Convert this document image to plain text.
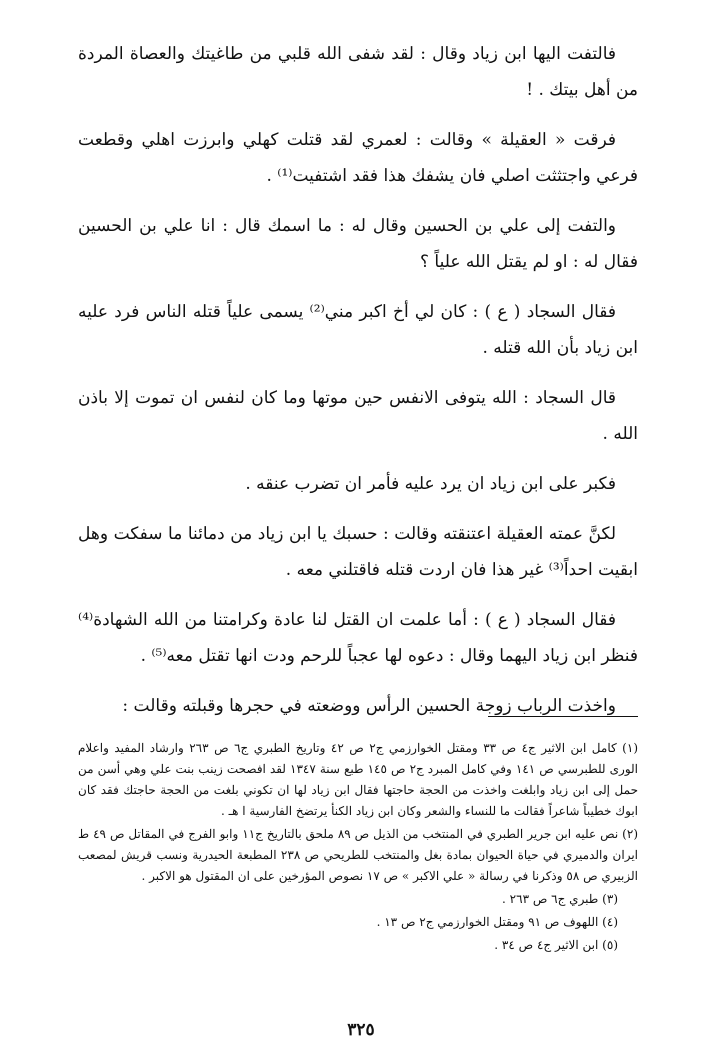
فالتفت اليها ابن زياد وقال : لقد شفى الله قلبي من طاغيتك والعصاة المردة من أهل بيتك . !

فرقت « العقيلة » وقالت : لعمري لقد قتلت كهلي وابرزت اهلي وقطعت فرعي واجتثثت اصلي فان يشفك هذا فقد اشتفيت⁽¹⁾ .

والتفت إلى علي بن الحسين وقال له : ما اسمك قال : انا علي بن الحسين فقال له : او لم يقتل الله علياً ؟

فقال السجاد ( ع ) : كان لي أخ اكبر مني⁽²⁾ يسمى علياً قتله الناس فرد عليه ابن زياد بأن الله قتله .

قال السجاد : الله يتوفى الانفس حين موتها وما كان لنفس ان تموت إلا باذن الله .

فكبر على ابن زياد ان يرد عليه فأمر ان تضرب عنقه .

لكنَّ عمته العقيلة اعتنقته وقالت : حسبك يا ابن زياد من دمائنا ما سفكت وهل ابقيت احداً⁽³⁾ غير هذا فان اردت قتله فاقتلني معه .

فقال السجاد ( ع ) : أما علمت ان القتل لنا عادة وكرامتنا من الله الشهادة⁽⁴⁾ فنظر ابن زياد اليهما وقال : دعوه لها عجباً للرحم ودت انها تقتل معه⁽⁵⁾ .

واخذت الرباب زوجة الحسين الرأس ووضعته في حجرها وقبلته وقالت :

(١) كامل ابن الاثير ج٤ ص ٣٣ ومقتل الخوارزمي ج٢ ص ٤٢ وتاريخ الطبري ج٦ ص ٢٦٣ وارشاد المفيد واعلام الورى للطبرسي ص ١٤١ وفي كامل المبرد ج٢ ص ١٤٥ طبع سنة ١٣٤٧ لقد افصحت زينب بنت علي وهي أسن من حمل إلى ابن زياد وابلغت واخذت من الحجة حاجتها فقال ابن زياد لها ان تكوني بلغت من الحجة حاجتك فقد كان ابوك خطيباً شاعراً فقالت ما للنساء والشعر وكان ابن زياد الكنأ يرتضخ الفارسية ا هـ .

(٢) نص عليه ابن جرير الطبري في المنتخب من الذيل ص ٨٩ ملحق بالتاريخ ج١١ وابو الفرج في المقاتل ص ٤٩ ط ايران والدميري في حياة الحيوان بمادة بغل والمنتخب للطريحي ص ٢٣٨ المطبعة الحيدرية ونسب قريش لمصعب الزبيري ص ٥٨ وذكرنا في رسالة « علي الاكبر » ص ١٧ نصوص المؤرخين على ان المقتول هو الاكبر .

(٣) طبري ج٦ ص ٢٦٣ .

(٤) اللهوف ص ٩١ ومقتل الخوارزمي ج٢ ص ١٣ .

(٥) ابن الاثير ج٤ ص ٣٤ .

٣٢٥
